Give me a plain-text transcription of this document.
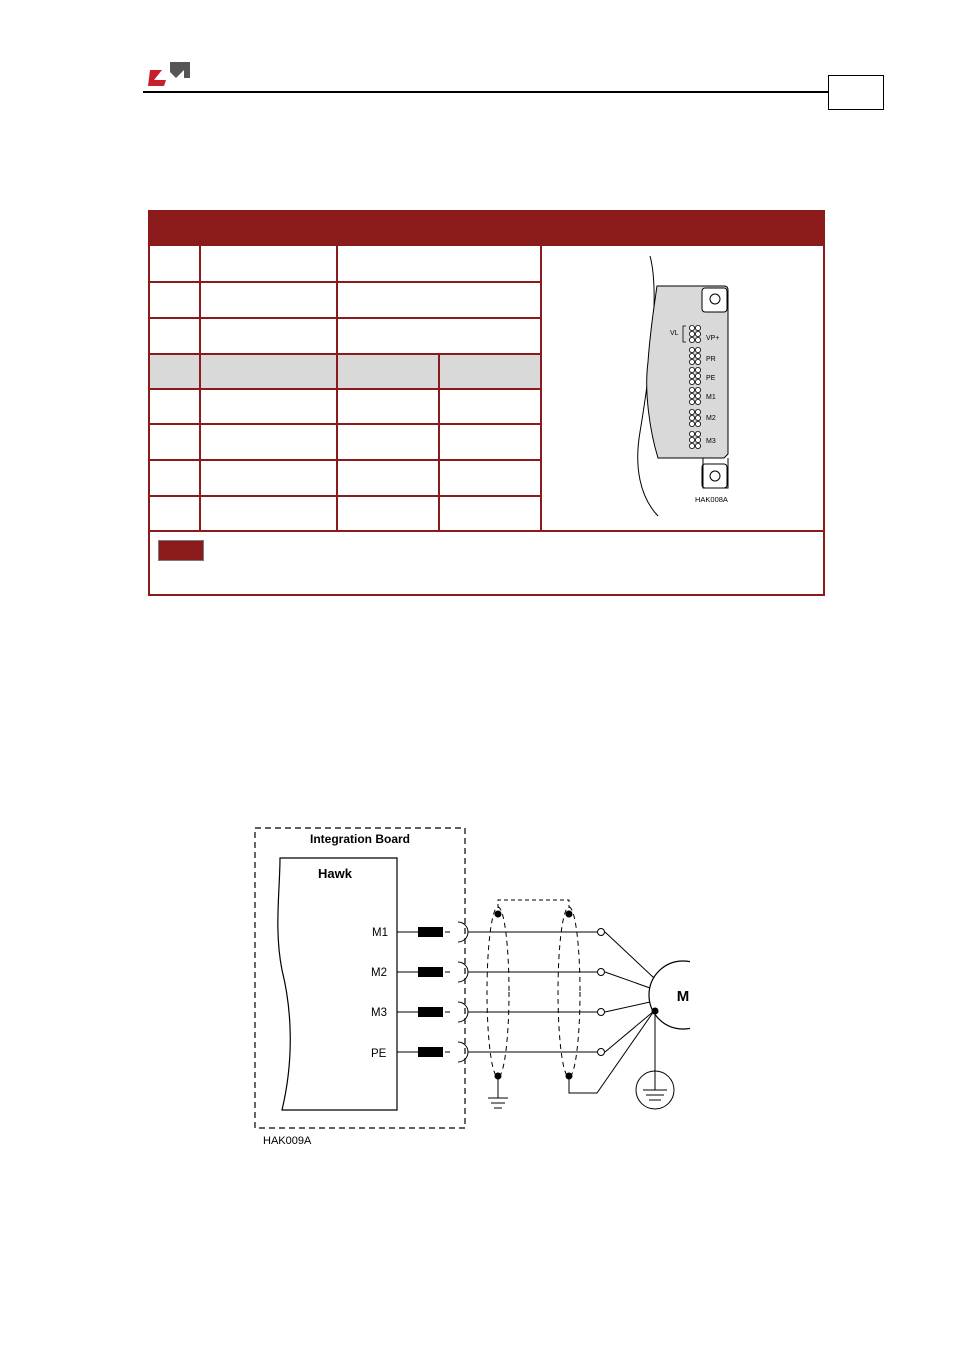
VL
VP+
PR
PE
M1
M2
M3
HAK008A
Integration Board
Hawk
M1
M2
M3
PE
M
HAK009A
